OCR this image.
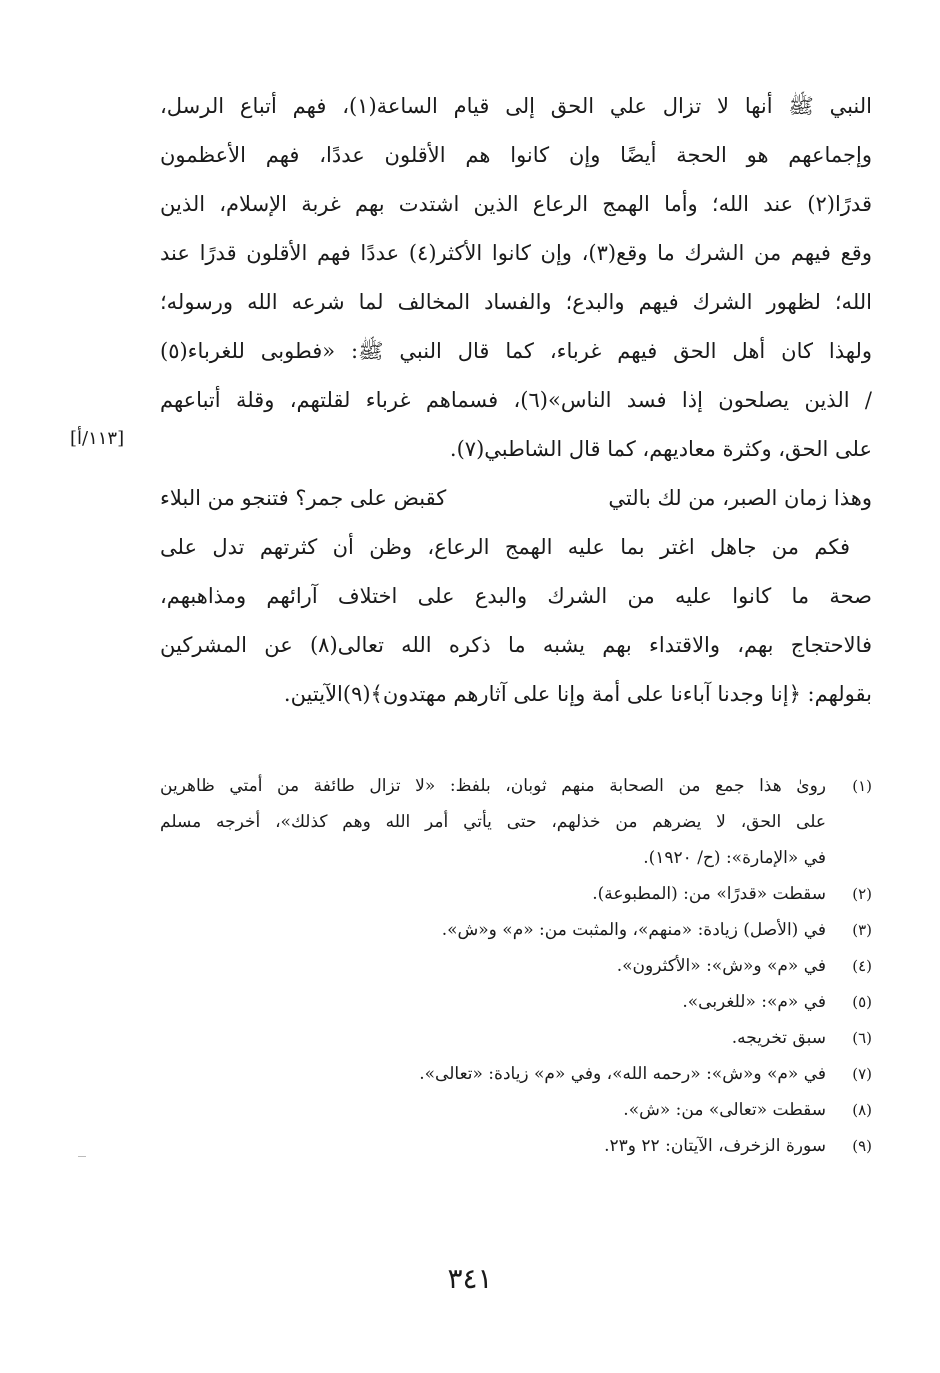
النبي ﷺ أنها لا تزال علي الحق إلى قيام الساعة(١)، فهم أتباع الرسل،
وإجماعهم هو الحجة أيضًا وإن كانوا هم الأقلون عددًا، فهم الأعظمون
قدرًا(٢) عند الله؛ وأما الهمج الرعاع الذين اشتدت بهم غربة الإسلام، الذين
وقع فيهم من الشرك ما وقع(٣)، وإن كانوا الأكثر(٤) عددًا فهم الأقلون قدرًا عند
الله؛ لظهور الشرك فيهم والبدع؛ والفساد المخالف لما شرعه الله ورسوله؛
ولهذا كان أهل الحق فيهم غرباء، كما قال النبي ﷺ: «فطوبى للغرباء(٥)
/ الذين يصلحون إذا فسد الناس»(٦)، فسماهم غرباء لقلتهم، وقلة أتباعهم
على الحق، وكثرة معاديهم، كما قال الشاطبي(٧).
وهذا زمان الصبر، من لك بالتي
كقبض على جمر؟ فتنجو من البلاء
فكم من جاهل اغتر بما عليه الهمج الرعاع، وظن أن كثرتهم تدل على
صحة ما كانوا عليه من الشرك والبدع على اختلاف آرائهم ومذاهبهم،
فالاحتجاج بهم، والاقتداء بهم يشبه ما ذكره الله تعالى(٨) عن المشركين
بقولهم: ﴿إنا وجدنا آباءنا على أمة وإنا على آثارهم مهتدون﴾(٩)الآيتين.
[١١٣/أ]
(١)
روىٰ هذا جمع من الصحابة منهم ثوبان، بلفظ: «لا تزال طائفة من أمتي ظاهرين
على الحق، لا يضرهم من خذلهم، حتى يأتي أمر الله وهم كذلك»، أخرجه مسلم
في «الإمارة»: (ح/ ١٩٢٠).
(٢)
سقطت «قدرًا» من: (المطبوعة).
(٣)
في (الأصل) زيادة: «منهم»، والمثبت من: «م» و«ش».
(٤)
في «م» و«ش»: «الأكثرون».
(٥)
في «م»: «للغربى».
(٦)
سبق تخريجه.
(٧)
في «م» و«ش»: «رحمه الله»، وفي «م» زيادة: «تعالى».
(٨)
سقطت «تعالى» من: «ش».
(٩)
سورة الزخرف، الآيتان: ٢٢ و٢٣.
٣٤١
